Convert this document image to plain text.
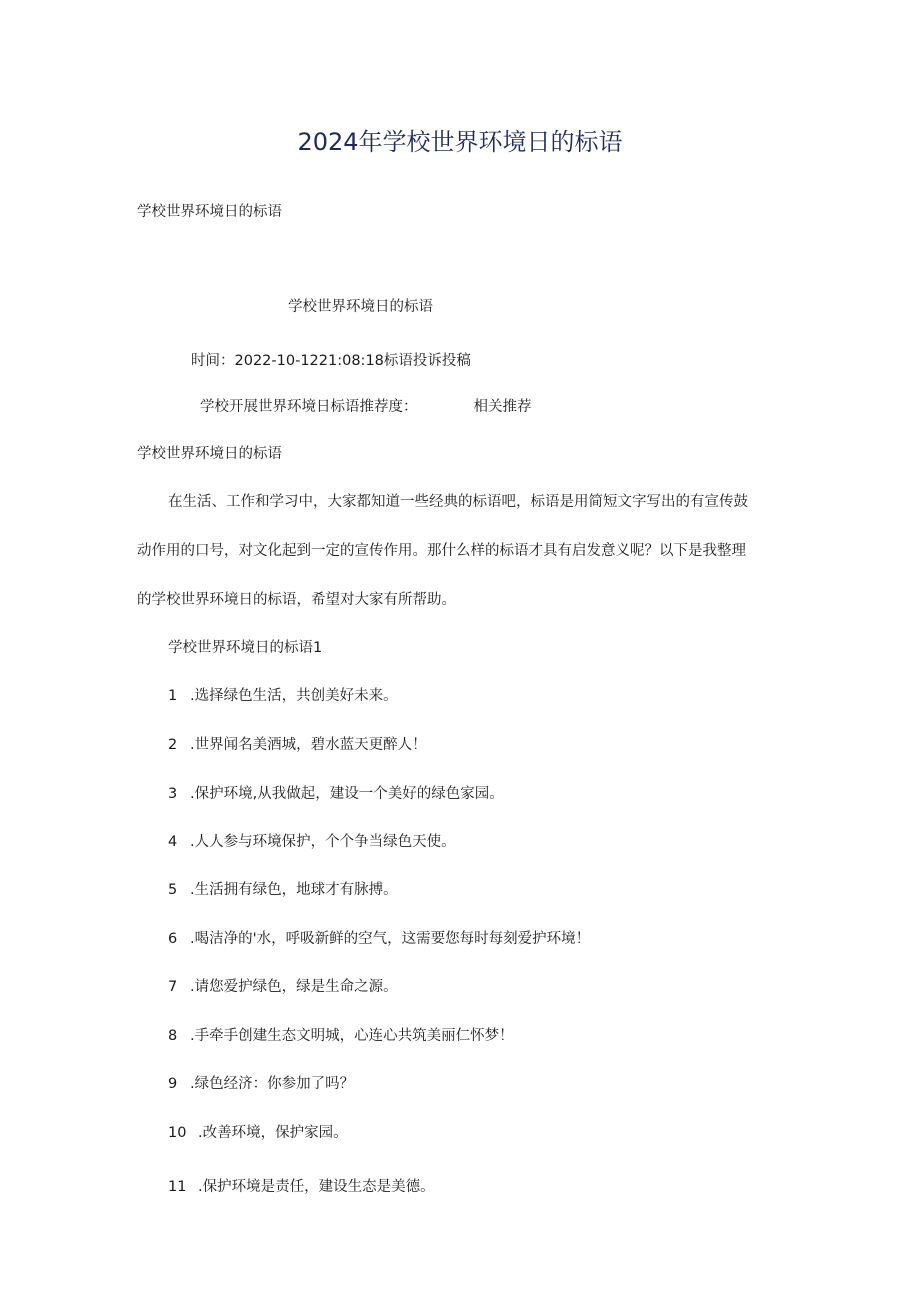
2024年学校世界环境日的标语
学校世界环境日的标语
学校世界环境日的标语
时间：2022-10-1221:08:18标语投诉投稿
学校开展世界环境日标语推荐度：	相关推荐
学校世界环境日的标语
在生活、工作和学习中，大家都知道一些经典的标语吧，标语是用简短文字写出的有宣传鼓
动作用的口号，对文化起到一定的宣传作用。那什么样的标语才具有启发意义呢？以下是我整理
的学校世界环境日的标语，希望对大家有所帮助。
学校世界环境日的标语1
1 .选择绿色生活，共创美好未来。
2 .世界闻名美酒城，碧水蓝天更醉人！
3 .保护环境,从我做起，建设一个美好的绿色家园。
4 .人人参与环境保护，个个争当绿色天使。
5 .生活拥有绿色，地球才有脉搏。
6 .喝洁净的'水，呼吸新鲜的空气，这需要您每时每刻爱护环境！
7 .请您爱护绿色，绿是生命之源。
8 .手牵手创建生态文明城，心连心共筑美丽仁怀梦！
9 .绿色经济：你参加了吗？
10 .改善环境，保护家园。
11 .保护环境是责任，建设生态是美德。
